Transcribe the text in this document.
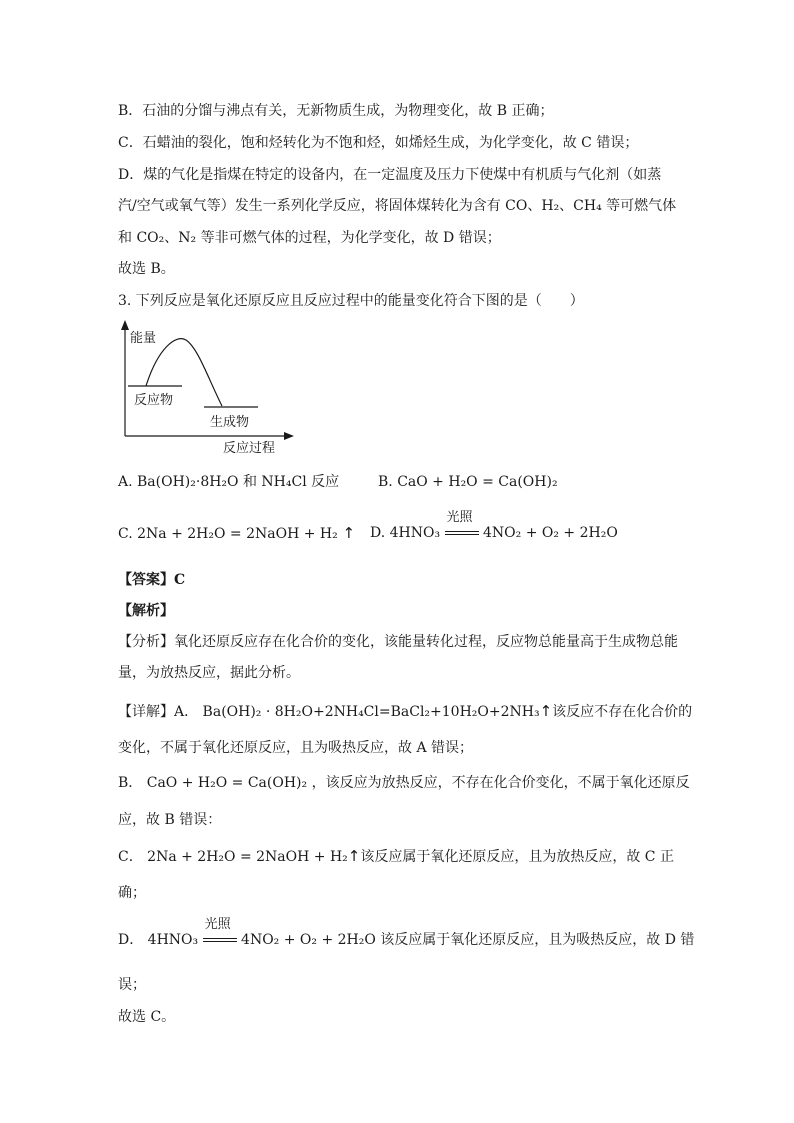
B．石油的分馏与沸点有关，无新物质生成，为物理变化，故 B 正确；
C．石蜡油的裂化，饱和烃转化为不饱和烃，如烯烃生成，为化学变化，故 C 错误；
D．煤的气化是指煤在特定的设备内，在一定温度及压力下使煤中有机质与气化剂（如蒸
汽/空气或氧气等）发生一系列化学反应，将固体煤转化为含有 CO、H₂、CH₄ 等可燃气体
和 CO₂、N₂ 等非可燃气体的过程，为化学变化，故 D 错误；
故选 B。
3. 下列反应是氧化还原反应且反应过程中的能量变化符合下图的是（　　）
能量
反应物
生成物
反应过程
A. Ba(OH)₂·8H₂O 和 NH₄Cl 反应	B. CaO + H₂O = Ca(OH)₂
C. 2Na + 2H₂O = 2NaOH + H₂ ↑ D. 4HNO₃
光照
4NO₂ + O₂ + 2H₂O
【答案】C
【解析】
【分析】氧化还原反应存在化合价的变化，该能量转化过程，反应物总能量高于生成物总能
量，为放热反应，据此分析。
【详解】A． Ba(OH)₂ · 8H₂O+2NH₄Cl=BaCl₂+10H₂O+2NH₃↑该反应不存在化合价的
变化，不属于氧化还原反应，且为吸热反应，故 A 错误；
B． CaO + H₂O = Ca(OH)₂ ，该反应为放热反应，不存在化合价变化，不属于氧化还原反
应，故 B 错误：
C． 2Na + 2H₂O = 2NaOH + H₂↑该反应属于氧化还原反应，且为放热反应，故 C 正
确；
D． 4HNO₃
光照
4NO₂ + O₂ + 2H₂O 该反应属于氧化还原反应，且为吸热反应，故 D 错
误；
故选 C。
